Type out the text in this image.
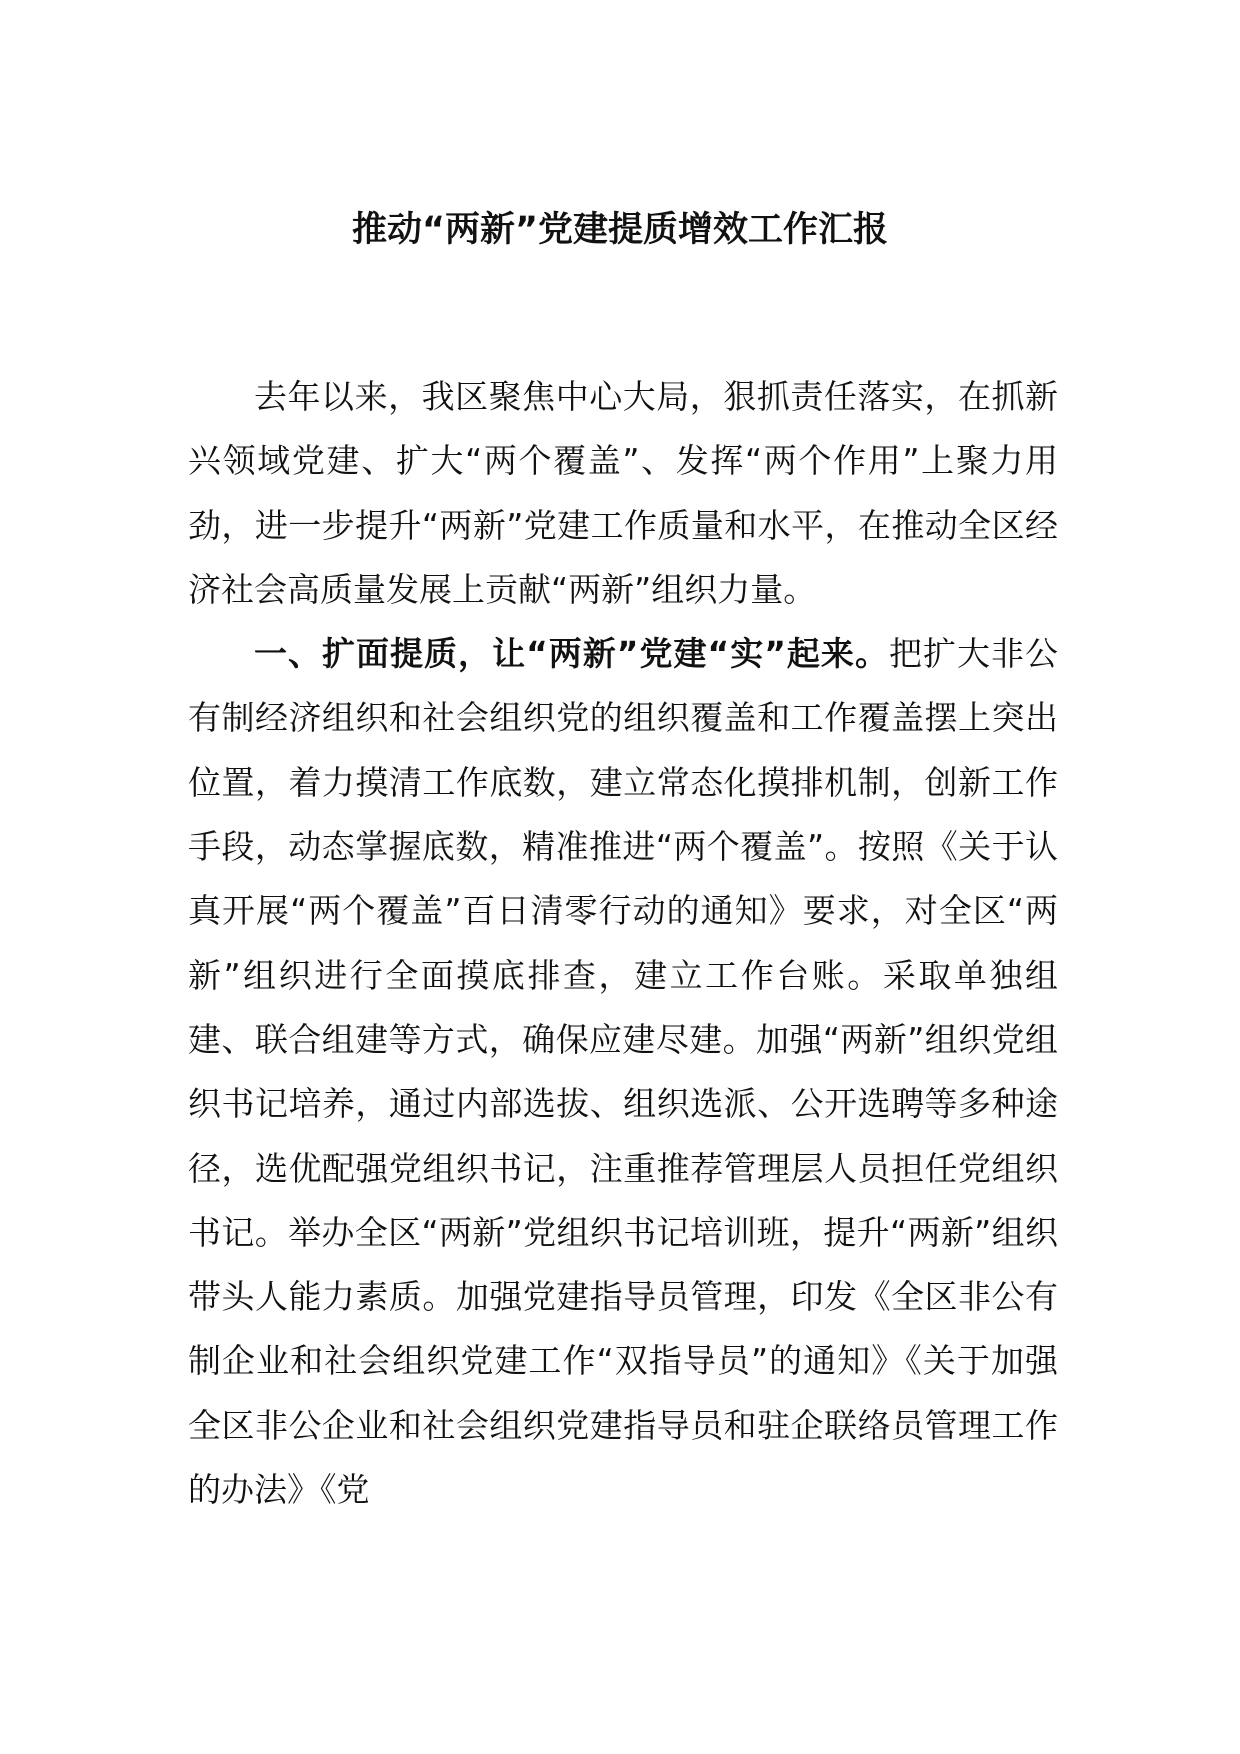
推动“两新”党建提质增效工作汇报

去年以来，我区聚焦中心大局，狠抓责任落实，在抓新兴领域党建、扩大“两个覆盖”、发挥“两个作用”上聚力用劲，进一步提升“两新”党建工作质量和水平，在推动全区经济社会高质量发展上贡献“两新”组织力量。

一、扩面提质，让“两新”党建“实”起来。把扩大非公有制经济组织和社会组织党的组织覆盖和工作覆盖摆上突出位置，着力摸清工作底数，建立常态化摸排机制，创新工作手段，动态掌握底数，精准推进“两个覆盖”。按照《关于认真开展“两个覆盖”百日清零行动的通知》要求，对全区“两新”组织进行全面摸底排查，建立工作台账。采取单独组建、联合组建等方式，确保应建尽建。加强“两新”组织党组织书记培养，通过内部选拔、组织选派、公开选聘等多种途径，选优配强党组织书记，注重推荐管理层人员担任党组织书记。举办全区“两新”党组织书记培训班，提升“两新”组织带头人能力素质。加强党建指导员管理，印发《全区非公有制企业和社会组织党建工作“双指导员”的通知》《关于加强全区非公企业和社会组织党建指导员和驻企联络员管理工作的办法》《党
